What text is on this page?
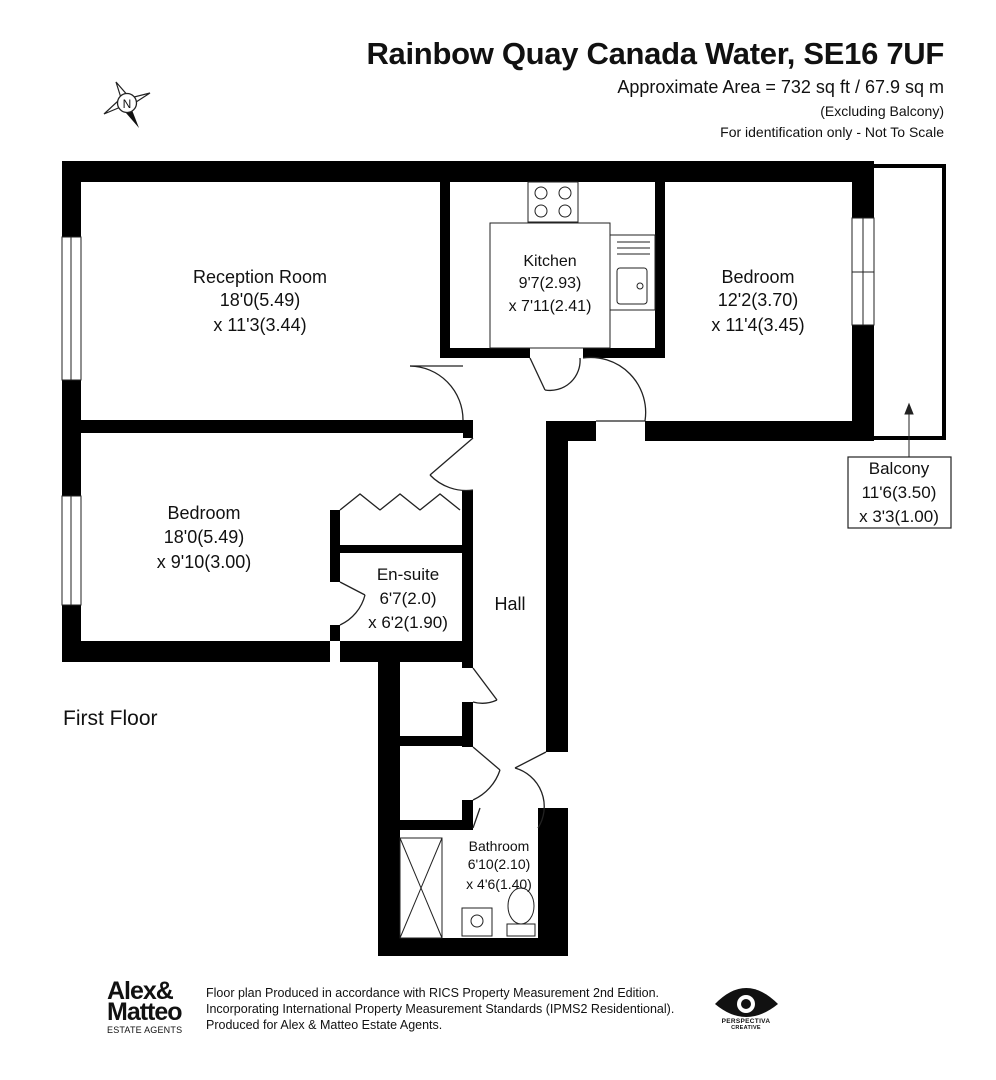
Rainbow Quay Canada Water, SE16 7UF
Approximate Area = 732 sq ft / 67.9 sq m
(Excluding Balcony)
For identification only - Not To Scale
N
Reception Room
18'0(5.49)
x 11'3(3.44)
Kitchen
9'7(2.93)
x 7'11(2.41)
Bedroom
12'2(3.70)
x 11'4(3.45)
Balcony
11'6(3.50)
x 3'3(1.00)
Bedroom
18'0(5.49)
x 9'10(3.00)
En-suite
6'7(2.0)
x 6'2(1.90)
Hall
Bathroom
6'10(2.10)
x 4'6(1.40)
First Floor
Alex&
Matteo
ESTATE AGENTS
Floor plan Produced in accordance with RICS Property Measurement 2nd Edition.
Incorporating International Property Measurement Standards (IPMS2 Residentional).
Produced for Alex & Matteo Estate Agents.	PERSPECTIVA
CREATIVE
